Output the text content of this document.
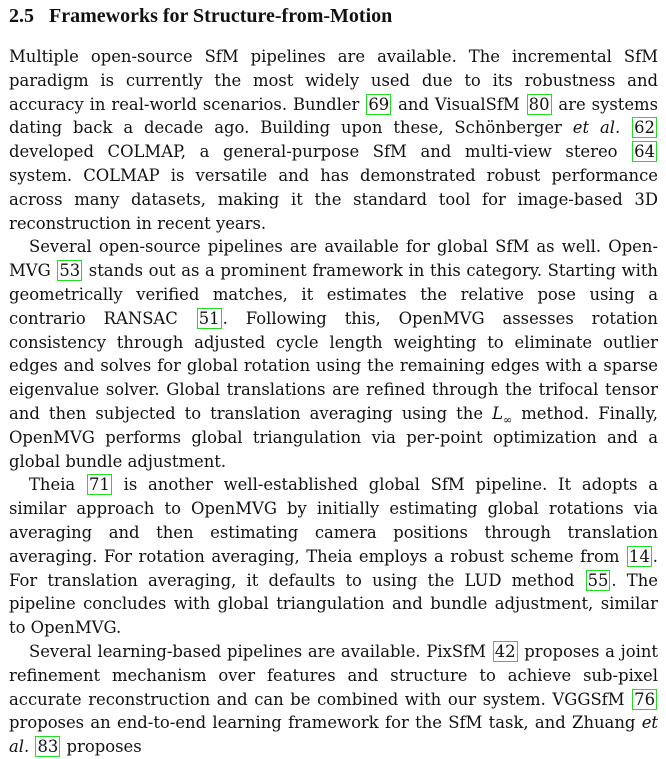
2.5 Frameworks for Structure-from-Motion

Multiple open-source SfM pipelines are available. The incremental SfM paradigm is currently the most widely used due to its robustness and accuracy in real-world scenarios. Bundler 69 and VisualSfM 80 are systems dating back a decade ago. Building upon these, Schönberger et al. 62 developed COLMAP, a general-purpose SfM and multi-view stereo 64 system. COLMAP is versatile and has demonstrated robust performance across many datasets, making it the standard tool for image-based 3D reconstruction in recent years.

Several open-source pipelines are available for global SfM as well. OpenMVG 53 stands out as a prominent framework in this category. Starting with geometrically verified matches, it estimates the relative pose using a contrario RANSAC 51 . Following this, OpenMVG assesses rotation consistency through adjusted cycle length weighting to eliminate outlier edges and solves for global rotation using the remaining edges with a sparse eigenvalue solver. Global translations are refined through the trifocal tensor and then subjected to translation averaging using the $L_\infty$ method. Finally, OpenMVG performs global triangulation via per-point optimization and a global bundle adjustment.

Theia 71 is another well-established global SfM pipeline. It adopts a similar approach to OpenMVG by initially estimating global rotations via averaging and then estimating camera positions through translation averaging. For rotation averaging, Theia employs a robust scheme from 14 . For translation averaging, it defaults to using the LUD method 55 . The pipeline concludes with global triangulation and bundle adjustment, similar to OpenMVG.

Several learning-based pipelines are available. PixSfM 42 proposes a joint refinement mechanism over features and structure to achieve sub-pixel accurate reconstruction and can be combined with our system. VGGSfM 76 proposes an end-to-end learning framework for the SfM task, and Zhuang et al. 83 proposes
